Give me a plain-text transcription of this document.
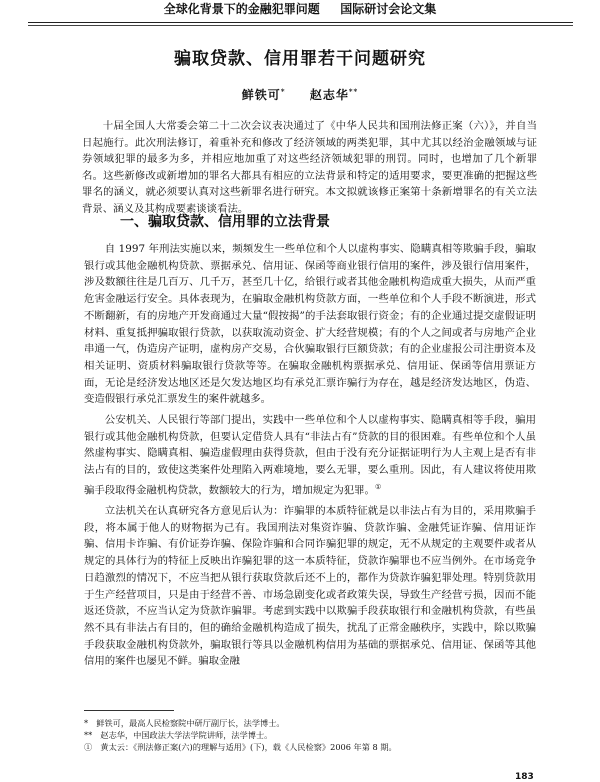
全球化背景下的金融犯罪问题 国际研讨会论文集
骗取贷款、信用罪若干问题研究
鲜铁可* 赵志华**
十届全国人大常委会第二十二次会议表决通过了《中华人民共和国刑法修正案（六）》，并自当日起施行。此次刑法修订，着重补充和修改了经济领域的两类犯罪，其中尤其以经治金融领域与证券领域犯罪的最多为多，并相应地加重了对这些经济领域犯罪的刑罚。同时，也增加了几个新罪名。这些新修改或新增加的罪名大都具有相应的立法背景和特定的适用要求，要更准确的把握这些罪名的涵义，就必须要认真对这些新罪名进行研究。本文拟就该修正案第十条新增罪名的有关立法背景、涵义及其构成要素谈谈看法。
一、骗取贷款、信用罪的立法背景

自 1997 年刑法实施以来，频频发生一些单位和个人以虚构事实、隐瞒真相等欺骗手段，骗取银行或其他金融机构贷款、票据承兑、信用证、保函等商业银行信用的案件，涉及银行信用案件，涉及数额往往是几百万、几千万，甚至几十亿，给银行或者其他金融机构造成重大损失，从而严重危害金融运行安全。具体表现为，在骗取金融机构贷款方面，一些单位和个人手段不断演进，形式不断翻新，有的房地产开发商通过大量“假按揭”的手法套取银行资金；有的企业通过提交虚假证明材料、重复抵押骗取银行贷款，以获取流动资金、扩大经营规模；有的个人之间或者与房地产企业串通一气，伪造房产证明，虚构房产交易，合伙骗取银行巨额贷款；有的企业虚报公司注册资本及相关证明、资质材料骗取银行贷款等等。在骗取金融机构票据承兑、信用证、保函等信用票证方面，无论是经济发达地区还是欠发达地区均有承兑汇票诈骗行为存在，越是经济发达地区，伪造、变造假银行承兑汇票发生的案件就越多。

公安机关、人民银行等部门提出，实践中一些单位和个人以虚构事实、隐瞒真相等手段，骗用银行或其他金融机构贷款，但要认定借贷人具有“非法占有”贷款的目的很困难。有些单位和个人虽然虚构事实、隐瞒真相、骗造虚假理由获得贷款，但由于没有充分证据证明行为人主观上是否有非法占有的目的，致使这类案件处理陷入两难境地，要么无罪，要么重刑。因此，有人建议将使用欺骗手段取得金融机构贷款，数额较大的行为，增加规定为犯罪。①

立法机关在认真研究各方意见后认为：诈骗罪的本质特征就是以非法占有为目的，采用欺骗手段，将本属于他人的财物据为己有。我国刑法对集资诈骗、贷款诈骗、金融凭证诈骗、信用证诈骗、信用卡诈骗、有价证券诈骗、保险诈骗和合同诈骗犯罪的规定，无不从规定的主观要件或者从规定的具体行为的特征上反映出诈骗犯罪的这一本质特征，贷款诈骗罪也不应当例外。在市场竞争日趋激烈的情况下，不应当把从银行获取贷款后还不上的，都作为贷款诈骗犯罪处理。特别贷款用于生产经营项目，只是由于经营不善、市场急剧变化或者政策失误，导致生产经营亏损，因而不能返还贷款，不应当认定为贷款诈骗罪。考虑到实践中以欺骗手段获取银行和金融机构贷款，有些虽然不具有非法占有目的，但的确给金融机构造成了损失，扰乱了正常金融秩序，实践中，除以欺骗手段获取金融机构贷款外，骗取银行等具以金融机构信用为基础的票据承兑、信用证、保函等其他信用的案件也屡见不鲜。骗取金融

*　鲜铁可，最高人民检察院中研厅副厅长，法学博士。
**　赵志华，中国政法大学法学院讲师，法学博士。
①　黄太云：《刑法修正案(六)的理解与适用》(下)，载《人民检察》2006 年第 8 期。
183
